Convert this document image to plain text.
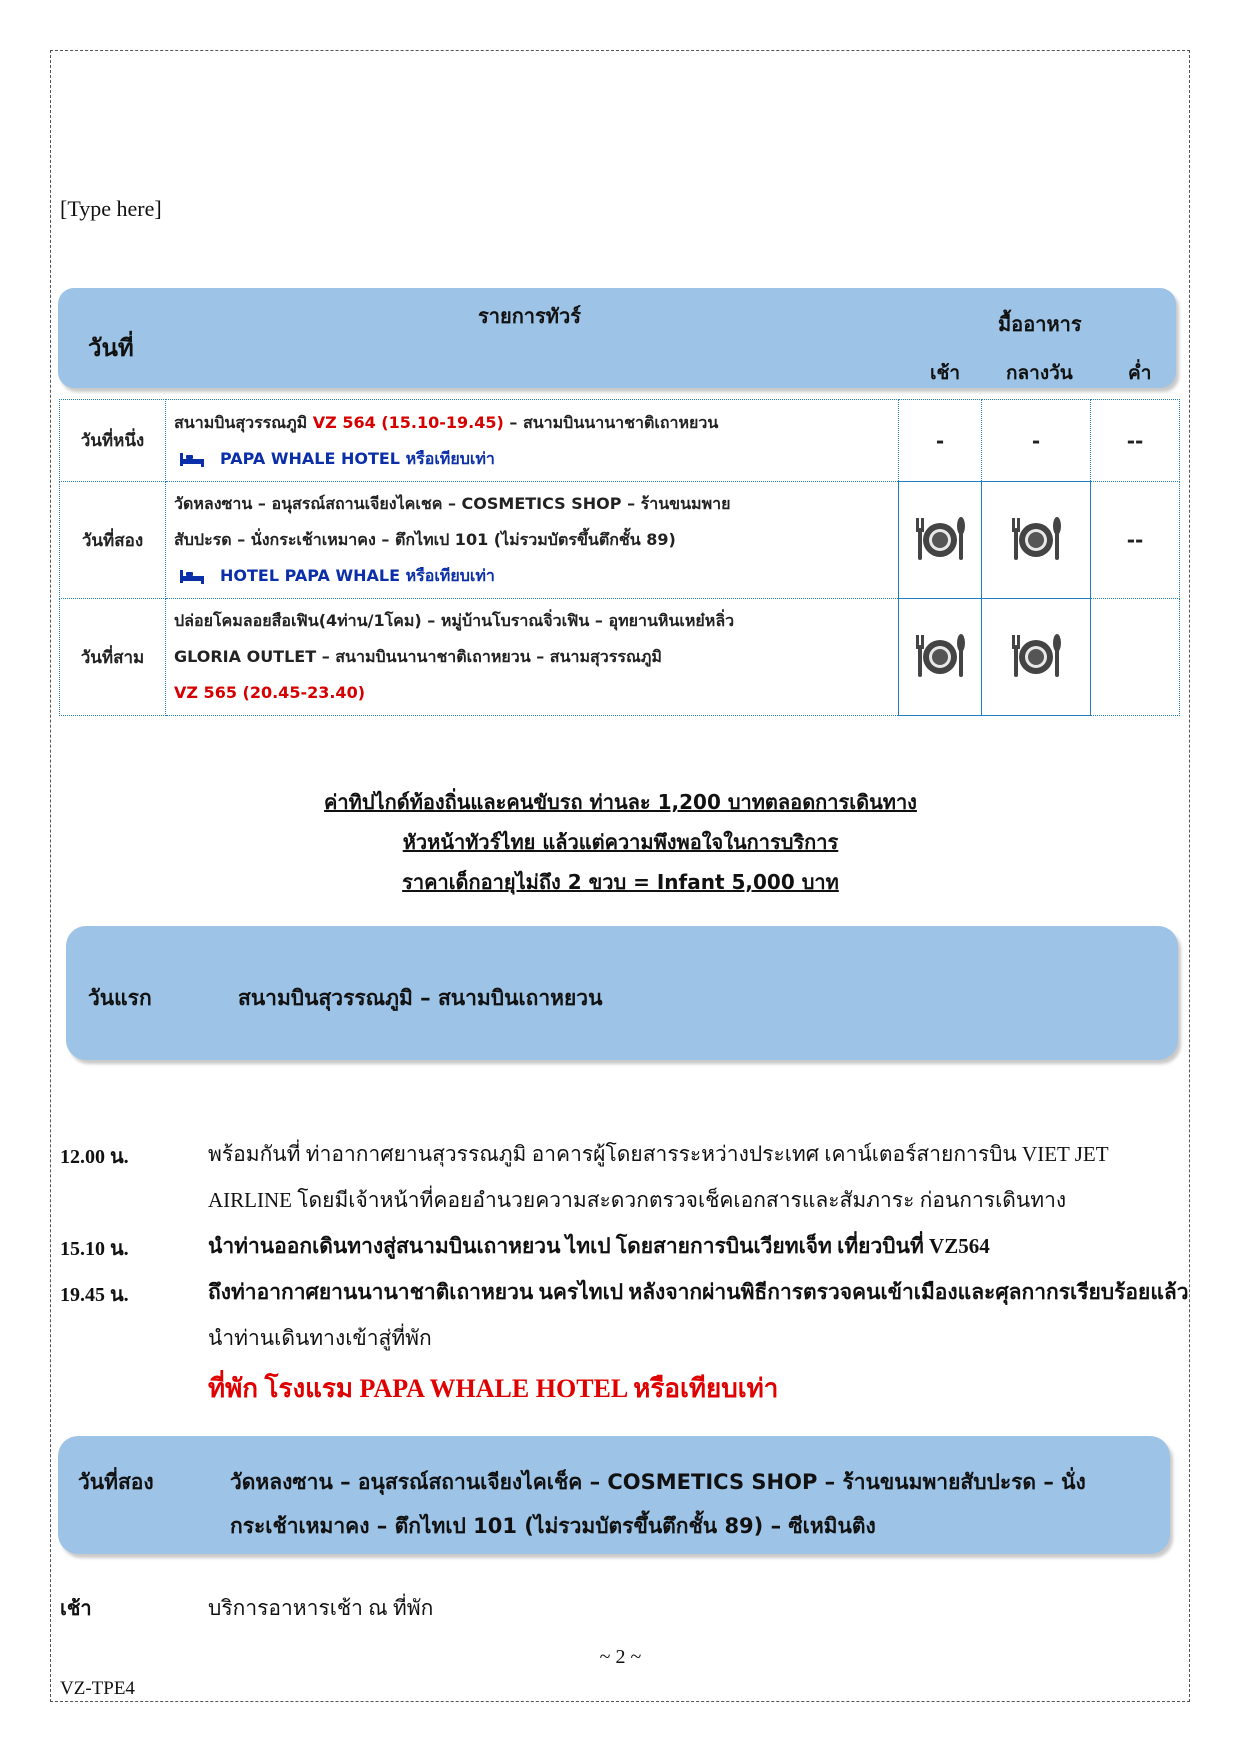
[Type here]
วันที่
รายการทัวร์	มื้ออาหาร
เช้า กลางวัน	ค่ำ
วันที่หนึ่ง	สนามบินสุวรรณภูมิ VZ 564 (15.10-19.45) – สนามบินนานาชาติเถาหยวน
PAPA WHALE HOTEL หรือเทียบเท่า	-	-	--
วันที่สอง	วัดหลงซาน – อนุสรณ์สถานเจียงไคเชค – COSMETICS SHOP – ร้านขนมพาย
สับปะรด – นั่งกระเช้าเหมาคง – ตึกไทเป 101 (ไม่รวมบัตรขึ้นตึกชั้น 89)
HOTEL PAPA WHALE หรือเทียบเท่า			--
วันที่สาม	ปล่อยโคมลอยสือเฟิน(4ท่าน/1โคม) – หมู่บ้านโบราณจิ่วเฟิน – อุทยานหินเหย๋หลิ่ว
GLORIA OUTLET – สนามบินนานาชาติเถาหยวน – สนามสุวรรณภูมิ
VZ 565 (20.45-23.40)

ค่าทิปไกด์ท้องถิ่นและคนขับรถ ท่านละ 1,200 บาทตลอดการเดินทาง
หัวหน้าทัวร์ไทย แล้วแต่ความพึงพอใจในการบริการ
ราคาเด็กอายุไม่ถึง 2 ขวบ = Infant 5,000 บาท
วันแรก	สนามบินสุวรรณภูมิ – สนามบินเถาหยวน
12.00 น.	พร้อมกันที่ ท่าอากาศยานสุวรรณภูมิ อาคารผู้โดยสารระหว่างประเทศ เคาน์เตอร์สายการบิน VIET JET
AIRLINE โดยมีเจ้าหน้าที่คอยอำนวยความสะดวกตรวจเช็คเอกสารและสัมภาระ ก่อนการเดินทาง
15.10 น.	นำท่านออกเดินทางสู่สนามบินเถาหยวน ไทเป โดยสายการบินเวียทเจ็ท เที่ยวบินที่ VZ564
19.45 น.	ถึงท่าอากาศยานนานาชาติเถาหยวน นครไทเป หลังจากผ่านพิธีการตรวจคนเข้าเมืองและศุลกากรเรียบร้อยแล้ว
นำท่านเดินทางเข้าสู่ที่พัก
ที่พัก โรงแรม PAPA WHALE HOTEL หรือเทียบเท่า
วันที่สอง	วัดหลงซาน – อนุสรณ์สถานเจียงไคเช็ค – COSMETICS SHOP – ร้านขนมพายสับปะรด – นั่ง
กระเช้าเหมาคง – ตึกไทเป 101 (ไม่รวมบัตรขึ้นตึกชั้น 89) – ซีเหมินติง
เช้า	บริการอาหารเช้า ณ ที่พัก
~ 2 ~
VZ-TPE4
